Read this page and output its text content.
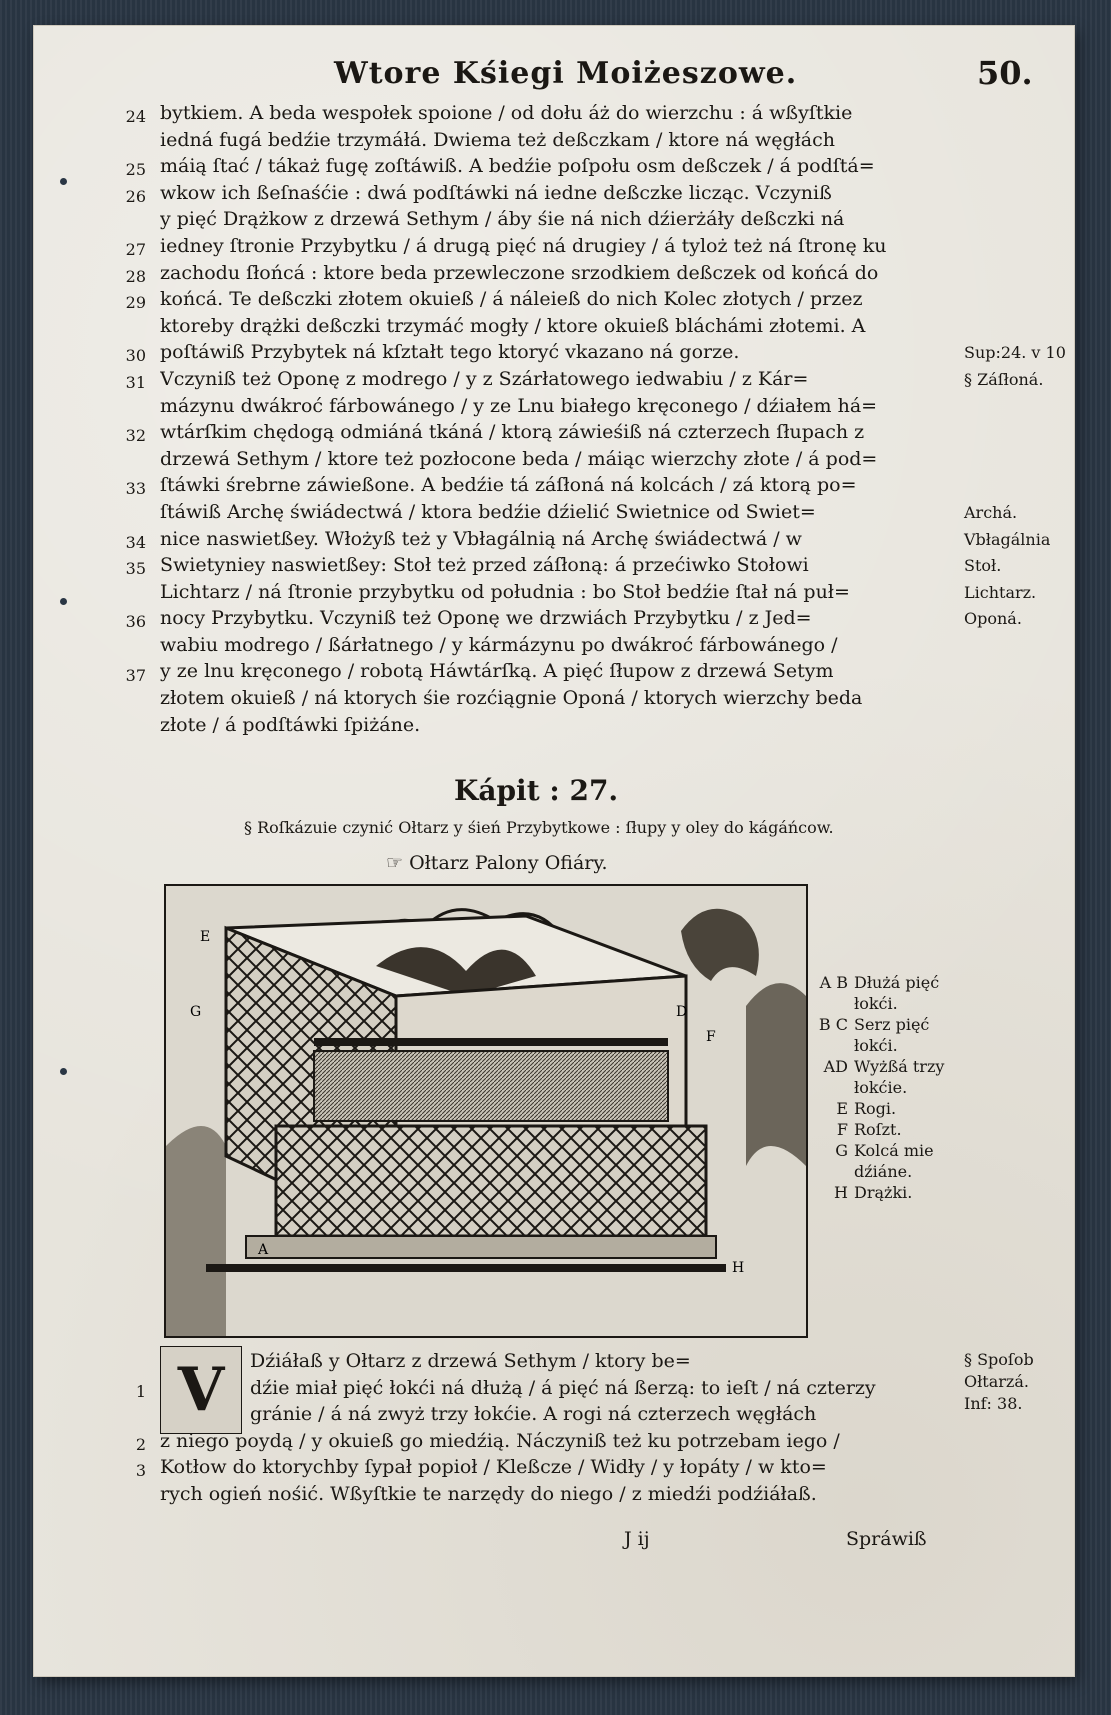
Wtore Kśiegi Moiżeszowe.	50.
bytkiem. A beda wespołek spoione / od dołu áż do wierzchu : á wßyſtkie
iedná fugá bedźie trzymáłá. Dwiema też deßczkam / ktore ná węgłách
máią ſtać / tákaż fugę zoſtáwiß. A bedźie poſpołu osm deßczek / á podſtá=
wkow ich ßeſnaśćie : dwá podſtáwki ná iedne deßczke licząc. Vczyniß
y pięć Drążkow z drzewá Sethym / áby śie ná nich dźierżáły deßczki ná
iedney ſtronie Przybytku / á drugą pięć ná drugiey / á tyloż też ná ſtronę ku
zachodu ſłońcá : ktore beda przewleczone srzodkiem deßczek od końcá do
końcá. Te deßczki złotem okuieß / á náleieß do nich Kolec złotych / przez
ktoreby drążki deßczki trzymáć mogły / ktore okuieß bláchámi złotemi. A
poſtáwiß Przybytek ná kſztałt tego ktoryć vkazano ná gorze.
Vczyniß też Oponę z modrego / y z Szárłatowego iedwabiu / z Kár=
mázynu dwákroć fárbowánego / y ze Lnu białego kręconego / dźiałem há=
wtárſkim chędogą odmiáná tkáná / ktorą záwieśiß ná czterzech ſłupach z
drzewá Sethym / ktore też pozłocone beda / máiąc wierzchy złote / á pod=
ſtáwki śrebrne záwießone. A bedźie tá záſłoná ná kolcách / zá ktorą po=
ſtáwiß Archę świádectwá / ktora bedźie dźielić Swietnice od Swiet=
nice naswietßey. Włożyß też y Vbłagálnią ná Archę świádectwá / w
Swietyniey naswietßey: Stoł też przed záſłoną: á przećiwko Stołowi
Lichtarz / ná ſtronie przybytku od południa : bo Stoł bedźie ſtał ná puł=
nocy Przybytku. Vczyniß też Oponę we drzwiách Przybytku / z Jed=
wabiu modrego / ßárłatnego / y kármázynu po dwákroć fárbowánego /
y ze lnu kręconego / robotą Háwtárſką. A pięć ſłupow z drzewá Setym
złotem okuieß / ná ktorych śie rozćiągnie Oponá / ktorych wierzchy beda
złote / á podſtáwki ſpiżáne.
24
25
26
27
28
29
30
31
32
33
34
35
36
37
Sup:24. v 10
§ Záſłoná.
Archá.
Vbłagálnia
Stoł.
Lichtarz.
Oponá.
Kápit : 27.
§ Roſkázuie czynić Ołtarz y śień Przybytkowe : ſłupy y oley do kágáńcow.
☞ Ołtarz Palony Ofiáry.
E
G	D
F
A
H
A B Dłużá pięć łokći.
B C Serz pięć łokći.
AD Wyżßá trzy łokćie.
E Rogi.
F Roſzt.
G Kolcá mie dźiáne.
H Drążki.
V	Dźiáłaß y Ołtarz z drzewá Sethym / ktory be=
dźie miał pięć łokći ná dłużą / á pięć ná ßerzą: to ieſt / ná czterzy
gránie / á ná zwyż trzy łokćie. A rogi ná czterzech węgłách
z niego poydą / y okuieß go miedźią. Náczyniß też ku potrzebam iego /
Kotłow do ktorychby ſypał popioł / Kleßcze / Widły / y łopáty / w kto=
rych ogień nośić. Wßyſtkie te narzędy do niego / z miedźi podźiáłaß.
1
2
3
§ Spoſob
Ołtarzá.
Inf: 38.
J ij	Spráwiß
